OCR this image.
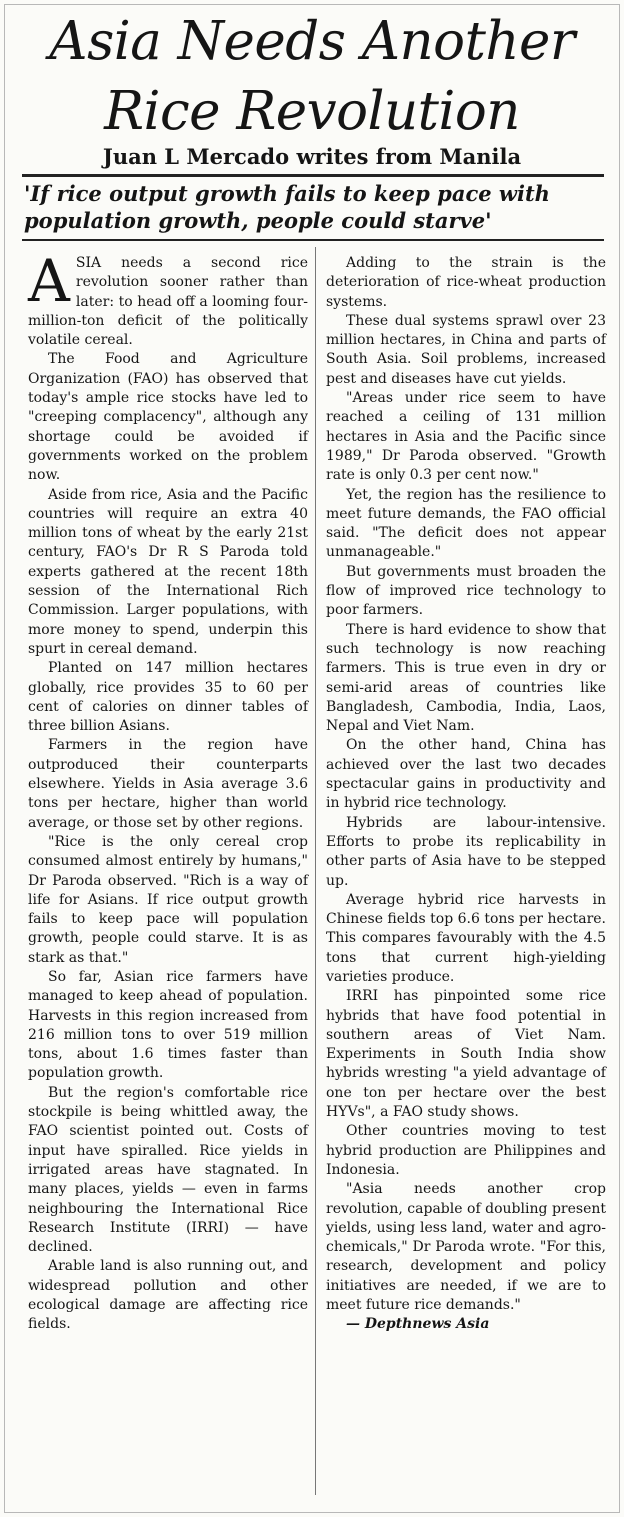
Asia Needs Another
Rice Revolution
Juan L Mercado writes from Manila
'If rice output growth fails to keep pace with
population growth, people could starve'

ASIA needs a second rice revolution sooner rather than later: to head off a looming four-million-ton deficit of the politically volatile cereal.

The Food and Agriculture Organization (FAO) has observed that today's ample rice stocks have led to "creeping complacency", although any shortage could be avoided if governments worked on the problem now.

Aside from rice, Asia and the Pacific countries will require an extra 40 million tons of wheat by the early 21st century, FAO's Dr R S Paroda told experts gathered at the recent 18th session of the International Rich Commission. Larger populations, with more money to spend, underpin this spurt in cereal demand.

Planted on 147 million hectares globally, rice provides 35 to 60 per cent of calories on dinner tables of three billion Asians.

Farmers in the region have outproduced their counterparts elsewhere. Yields in Asia average 3.6 tons per hectare, higher than world average, or those set by other regions.

"Rice is the only cereal crop consumed almost entirely by humans," Dr Paroda observed. "Rich is a way of life for Asians. If rice output growth fails to keep pace will population growth, people could starve. It is as stark as that."

So far, Asian rice farmers have managed to keep ahead of population. Harvests in this region increased from 216 million tons to over 519 million tons, about 1.6 times faster than population growth.

But the region's comfortable rice stockpile is being whittled away, the FAO scientist pointed out. Costs of input have spiralled. Rice yields in irrigated areas have stagnated. In many places, yields — even in farms neighbouring the International Rice Research Institute (IRRI) — have declined.

Arable land is also running out, and widespread pollution and other ecological damage are affecting rice fields.

Adding to the strain is the deterioration of rice-wheat production systems.

These dual systems sprawl over 23 million hectares, in China and parts of South Asia. Soil problems, increased pest and diseases have cut yields.

"Areas under rice seem to have reached a ceiling of 131 million hectares in Asia and the Pacific since 1989," Dr Paroda observed. "Growth rate is only 0.3 per cent now."

Yet, the region has the resilience to meet future demands, the FAO official said. "The deficit does not appear unmanageable."

But governments must broaden the flow of improved rice technology to poor farmers.

There is hard evidence to show that such technology is now reaching farmers. This is true even in dry or semi-arid areas of countries like Bangladesh, Cambodia, India, Laos, Nepal and Viet Nam.

On the other hand, China has achieved over the last two decades spectacular gains in productivity and in hybrid rice technology.

Hybrids are labour-intensive. Efforts to probe its replicability in other parts of Asia have to be stepped up.

Average hybrid rice harvests in Chinese fields top 6.6 tons per hectare. This compares favourably with the 4.5 tons that current high-yielding varieties produce.

IRRI has pinpointed some rice hybrids that have food potential in southern areas of Viet Nam. Experiments in South India show hybrids wresting "a yield advantage of one ton per hectare over the best HYVs", a FAO study shows.

Other countries moving to test hybrid production are Philippines and Indonesia.

"Asia needs another crop revolution, capable of doubling present yields, using less land, water and agro-chemicals," Dr Paroda wrote. "For this, research, development and policy initiatives are needed, if we are to meet future rice demands."

— Depthnews Asia
